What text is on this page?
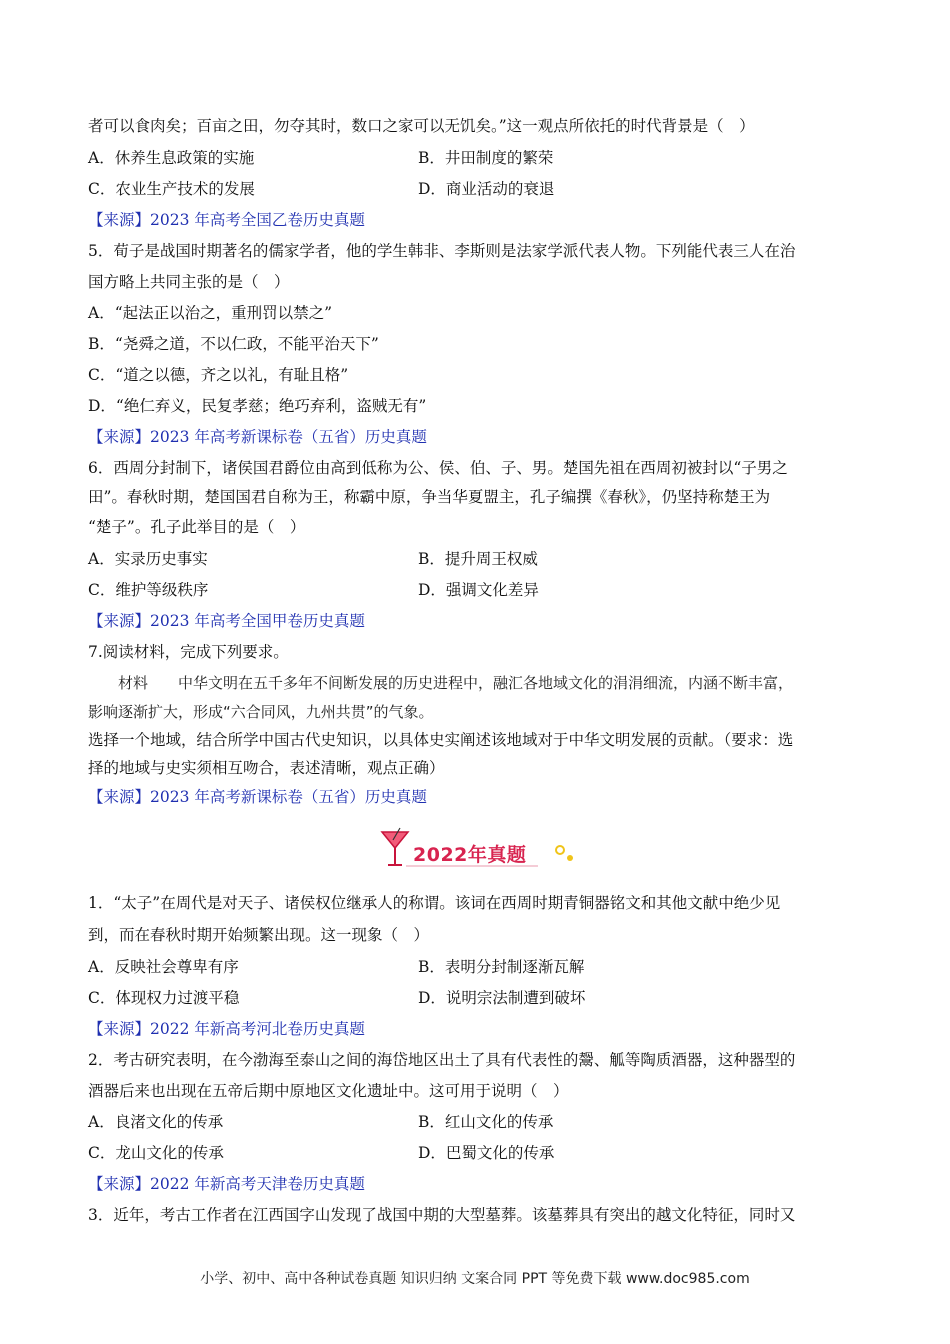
者可以食肉矣；百亩之田，勿夺其时，数口之家可以无饥矣。”这一观点所依托的时代背景是（　）
A．休养生息政策的实施	B．井田制度的繁荣
C．农业生产技术的发展	D．商业活动的衰退
【来源】2023 年高考全国乙卷历史真题
5．荀子是战国时期著名的儒家学者，他的学生韩非、李斯则是法家学派代表人物。下列能代表三人在治
国方略上共同主张的是（　）
A．“起法正以治之，重刑罚以禁之”
B．“尧舜之道，不以仁政，不能平治天下”
C．“道之以德，齐之以礼，有耻且格”
D．“绝仁弃义，民复孝慈；绝巧弃利，盗贼无有”
【来源】2023 年高考新课标卷（五省）历史真题
6．西周分封制下，诸侯国君爵位由高到低称为公、侯、伯、子、男。楚国先祖在西周初被封以“子男之
田”。春秋时期，楚国国君自称为王，称霸中原，争当华夏盟主，孔子编撰《春秋》，仍坚持称楚王为
“楚子”。孔子此举目的是（　）
A．实录历史事实	B．提升周王权威
C．维护等级秩序	D．强调文化差异
【来源】2023 年高考全国甲卷历史真题
7.阅读材料，完成下列要求。
材料　　中华文明在五千多年不间断发展的历史进程中，融汇各地域文化的涓涓细流，内涵不断丰富，
影响逐渐扩大，形成“六合同风，九州共贯”的气象。
选择一个地域，结合所学中国古代史知识，以具体史实阐述该地域对于中华文明发展的贡献。（要求：选
择的地域与史实须相互吻合，表述清晰，观点正确）
【来源】2023 年高考新课标卷（五省）历史真题
2022年真题
1．“太子”在周代是对天子、诸侯权位继承人的称谓。该词在西周时期青铜器铭文和其他文献中绝少见
到，而在春秋时期开始频繁出现。这一现象（　）
A．反映社会尊卑有序	B．表明分封制逐渐瓦解
C．体现权力过渡平稳	D．说明宗法制遭到破坏
【来源】2022 年新高考河北卷历史真题
2．考古研究表明，在今渤海至泰山之间的海岱地区出土了具有代表性的鬶、觚等陶质酒器，这种器型的
酒器后来也出现在五帝后期中原地区文化遗址中。这可用于说明（　）
A．良渚文化的传承	B．红山文化的传承
C．龙山文化的传承	D．巴蜀文化的传承
【来源】2022 年新高考天津卷历史真题
3．近年，考古工作者在江西国字山发现了战国中期的大型墓葬。该墓葬具有突出的越文化特征，同时又
小学、初中、高中各种试卷真题 知识归纳 文案合同 PPT 等免费下载 www.doc985.com
